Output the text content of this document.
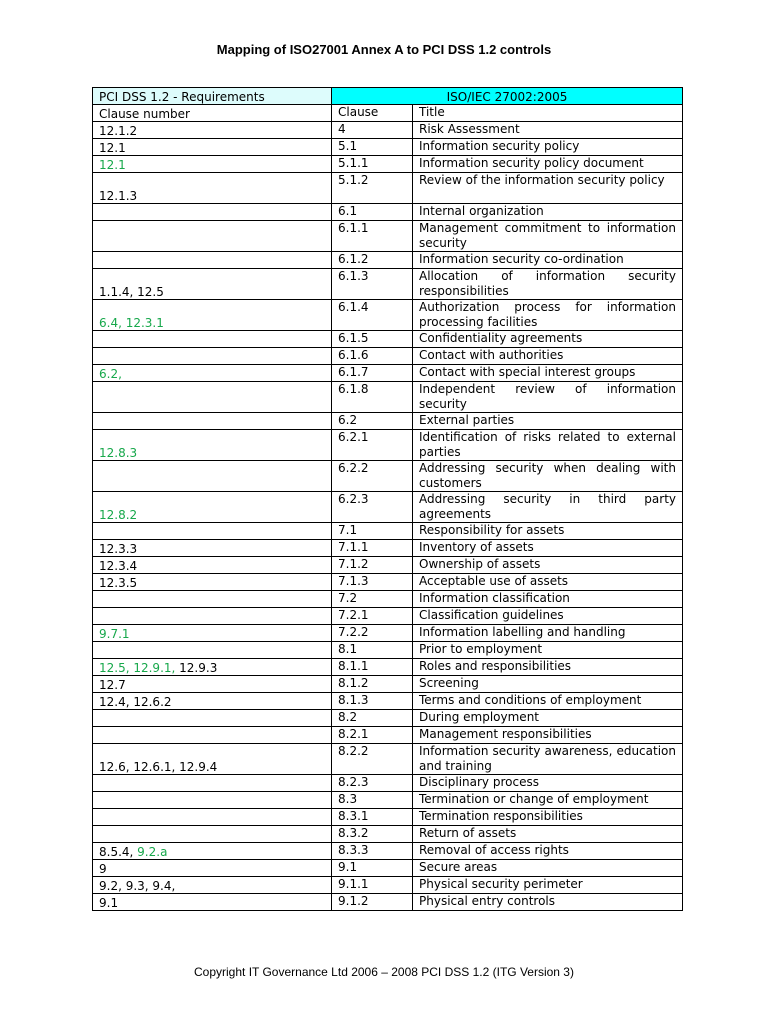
Mapping of ISO27001 Annex A to PCI DSS 1.2 controls
PCI DSS 1.2 - Requirements	ISO/IEC 27002:2005	
Clause number	Clause	Title
12.1.2	4	Risk Assessment
12.1	5.1	Information security policy
12.1	5.1.1	Information security policy document
12.1.3	5.1.2	Review of the information security policy
	6.1	Internal organization
	6.1.1	Management commitment to information security
	6.1.2	Information security co-ordination
1.1.4, 12.5	6.1.3	Allocation of information security responsibilities
6.4, 12.3.1	6.1.4	Authorization process for information processing facilities
	6.1.5	Confidentiality agreements
	6.1.6	Contact with authorities
6.2,	6.1.7	Contact with special interest groups
	6.1.8	Independent review of information security
	6.2	External parties
12.8.3	6.2.1	Identification of risks related to external parties
	6.2.2	Addressing security when dealing with customers
12.8.2	6.2.3	Addressing security in third party agreements
	7.1	Responsibility for assets
12.3.3	7.1.1	Inventory of assets
12.3.4	7.1.2	Ownership of assets
12.3.5	7.1.3	Acceptable use of assets
	7.2	Information classification
	7.2.1	Classification guidelines
9.7.1	7.2.2	Information labelling and handling
	8.1	Prior to employment
12.5, 12.9.1, 12.9.3	8.1.1	Roles and responsibilities
12.7	8.1.2	Screening
12.4, 12.6.2	8.1.3	Terms and conditions of employment
	8.2	During employment
	8.2.1	Management responsibilities
12.6, 12.6.1, 12.9.4	8.2.2	Information security awareness, education and training
	8.2.3	Disciplinary process
	8.3	Termination or change of employment
	8.3.1	Termination responsibilities
	8.3.2	Return of assets
8.5.4, 9.2.a	8.3.3	Removal of access rights
9	9.1	Secure areas
9.2, 9.3, 9.4,	9.1.1	Physical security perimeter
9.1	9.1.2	Physical entry controls
Copyright IT Governance Ltd 2006 – 2008 PCI DSS 1.2 (ITG Version 3)
